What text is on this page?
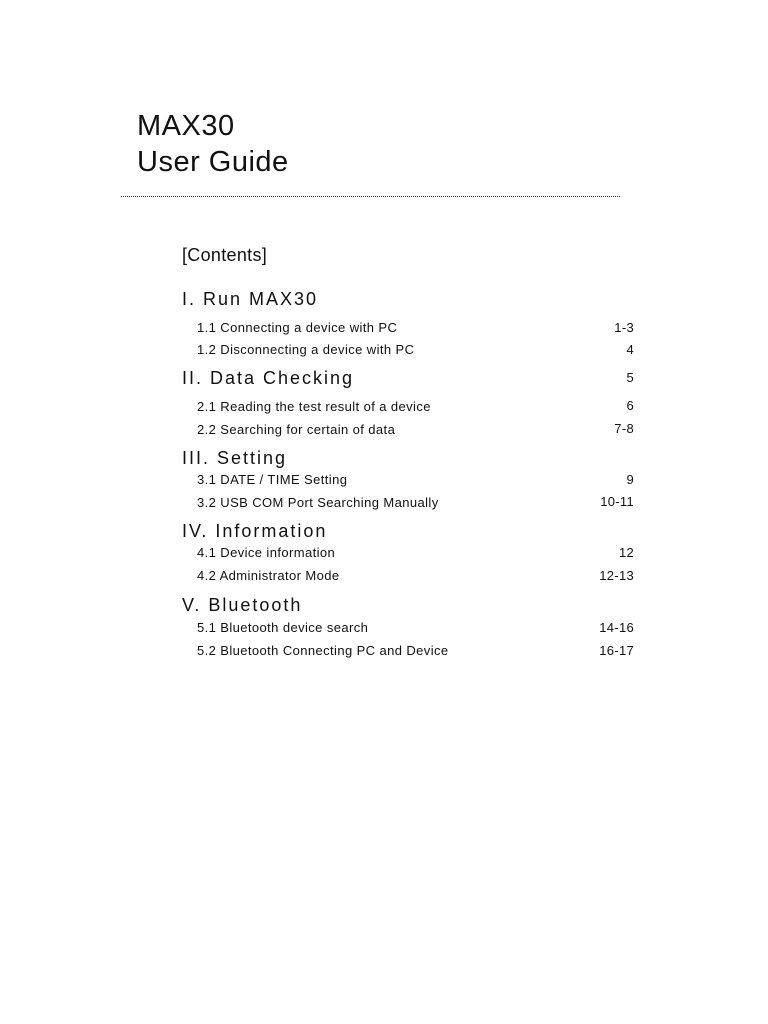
MAX30
User Guide
[Contents]
I. Run MAX30
1.1 Connecting a device with PC	1-3
1.2 Disconnecting a device with PC	4
II. Data Checking	5
2.1 Reading the test result of a device	6
2.2 Searching for certain of data	7-8
III. Setting
3.1 DATE / TIME Setting	9
3.2 USB COM Port Searching Manually	10-11
IV. Information
4.1 Device information	12
4.2 Administrator Mode	12-13
V. Bluetooth
5.1 Bluetooth device search	14-16
5.2 Bluetooth Connecting PC and Device	16-17
